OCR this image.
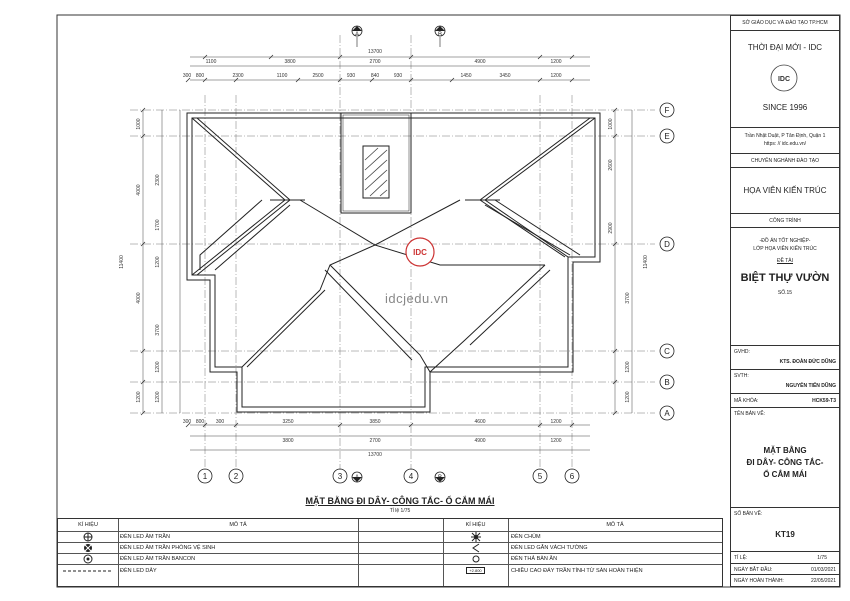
13700
1100	3800	2700	4900	1200
300 800	2300	1100	2500	930	840	930	1450	3450	1200
300 800 300	3250	3850	4600	1200
3800	2700	4900	1200
13700
1000
2300
4000
1700
1200
4000
3700
1200
1200	1200
11400
1000
2600
2900
3700
1200
1200
11400
A	B
A	B
F
E
D
C
B
A
1	2	3	4	5	6
IDC
IDC
idcjedu.vn
MẶT BẰNG ĐI DÂY- CÔNG TẮC- Ổ CẮM MÁI
Tỉ lệ 1/75
SỞ GIÁO DỤC VÀ ĐÀO TẠO TP.HCM
THỜI ĐẠI MỚI - IDC
SINCE 1996
Trần Nhật Duật, P Tân Định, Quận 1
https: // idc.edu.vn/
CHUYÊN NGHÀNH ĐÀO TẠO
HỌA VIÊN KIẾN TRÚC
CÔNG TRÌNH
-ĐỒ ÁN TỐT NGHIỆP-
LỚP HỌA VIÊN KIẾN TRÚC
ĐỀ TÀI
BIỆT THỰ VƯỜN
SỐ.15
GVHD:
KTS. ĐOÀN ĐỨC DŨNG
SVTH:
NGUYỄN TIẾN DŨNG
MÃ KHÓA:	HCK59-T3
TÊN BẢN VẼ:
MẶT BẰNG
ĐI DÂY- CÔNG TẮC-
Ổ CẮM MÁI
SỐ BẢN VẼ:
KT19
TỈ LỆ:	1/75
NGÀY BẮT ĐẦU:	01/03/2021
NGÀY HOÀN THÀNH:	22/05/2021
KÍ HIỆU	MÔ TẢ	KÍ HIỆU	MÔ TẢ
ĐÈN LED ÂM TRẦN	ĐÈN CHÙM
ĐÈN LED ÂM TRẦN PHÒNG VỆ SINH	ĐÈN LED GẮN VÁCH TƯỜNG
ĐÈN LED ÂM TRẦN BANCON	ĐÈN THẢ BÀN ĂN
ĐÈN LED DÂY	+2.800	CHIỀU CAO ĐÁY TRẦN TÍNH TỪ SÀN HOÀN THIỆN
